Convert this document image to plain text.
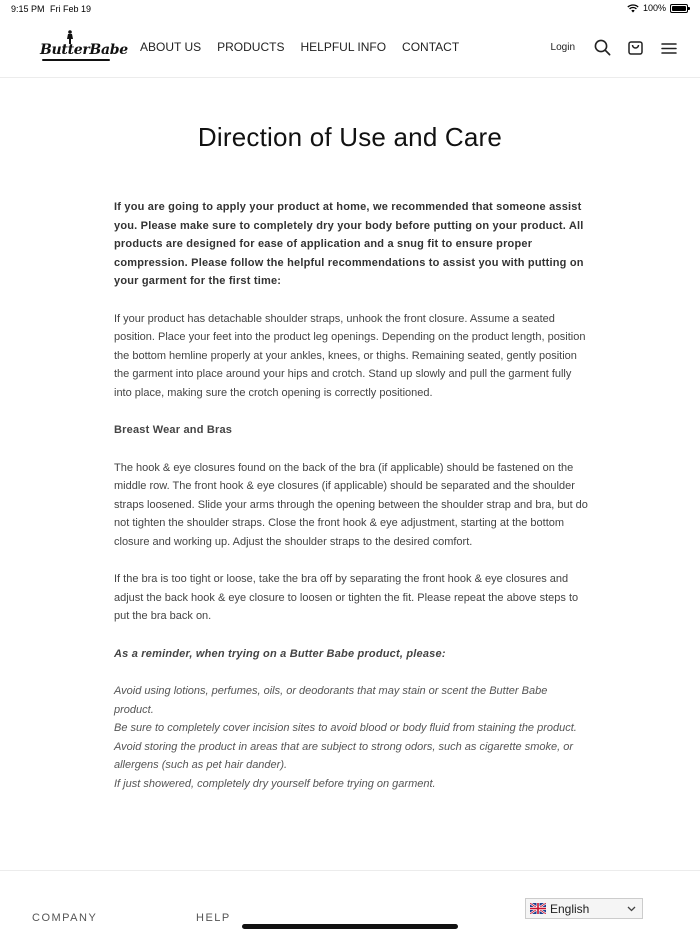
9:15 PM Fri Feb 19	100%
ButterBabe ABOUT US PRODUCTS HELPFUL INFO CONTACT	Login
Direction of Use and Care

If you are going to apply your product at home, we recommended that someone assist you. Please make sure to completely dry your body before putting on your product. All products are designed for ease of application and a snug fit to ensure proper compression. Please follow the helpful recommendations to assist you with putting on your garment for the first time:

If your product has detachable shoulder straps, unhook the front closure. Assume a seated position. Place your feet into the product leg openings. Depending on the product length, position the bottom hemline properly at your ankles, knees, or thighs. Remaining seated, gently position the garment into place around your hips and crotch. Stand up slowly and pull the garment fully into place, making sure the crotch opening is correctly positioned.

Breast Wear and Bras

The hook & eye closures found on the back of the bra (if applicable) should be fastened on the middle row. The front hook & eye closures (if applicable) should be separated and the shoulder straps loosened. Slide your arms through the opening between the shoulder strap and bra, but do not tighten the shoulder straps. Close the front hook & eye adjustment, starting at the bottom closure and working up. Adjust the shoulder straps to the desired comfort.

If the bra is too tight or loose, take the bra off by separating the front hook & eye closures and adjust the back hook & eye closure to loosen or tighten the fit. Please repeat the above steps to put the bra back on.

As a reminder, when trying on a Butter Babe product, please:

Avoid using lotions, perfumes, oils, or deodorants that may stain or scent the Butter Babe product.
Be sure to completely cover incision sites to avoid blood or body fluid from staining the product.
Avoid storing the product in areas that are subject to strong odors, such as cigarette smoke, or allergens (such as pet hair dander).
If just showered, completely dry yourself before trying on garment.
COMPANY	HELP
English
